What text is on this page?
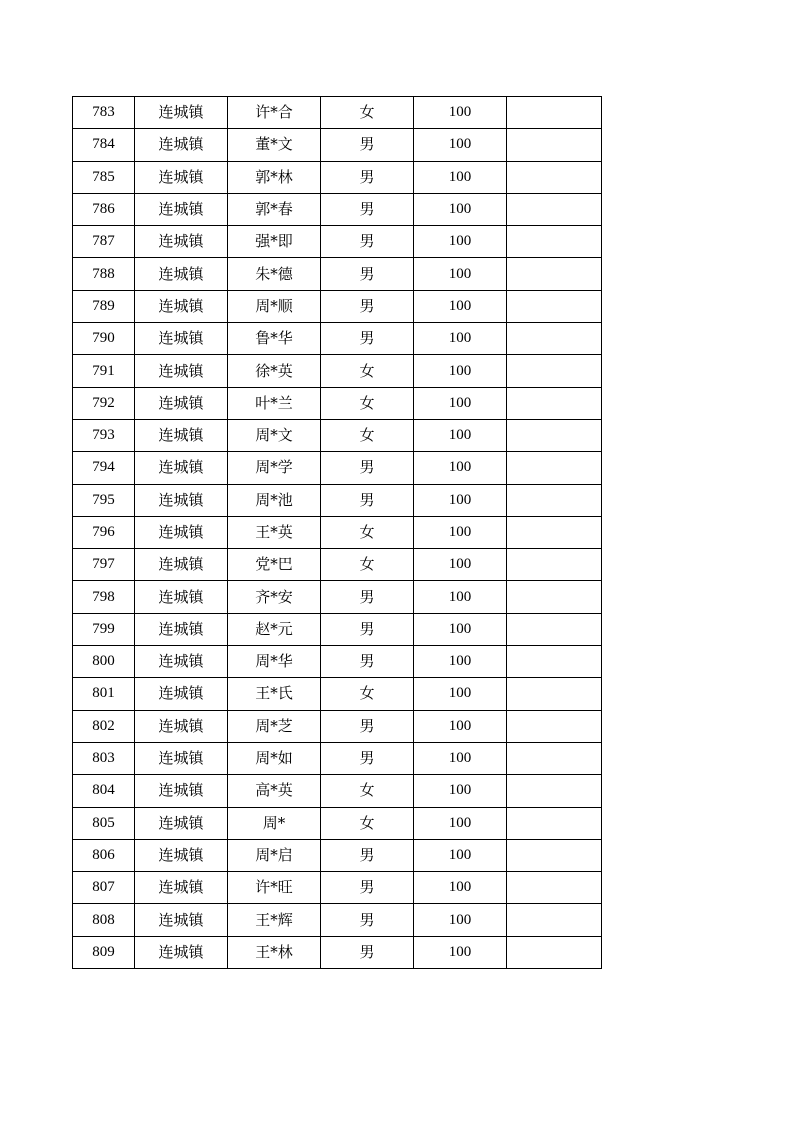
783	连城镇	许*合	女	100	
784	连城镇	董*文	男	100	
785	连城镇	郭*林	男	100	
786	连城镇	郭*春	男	100	
787	连城镇	强*即	男	100	
788	连城镇	朱*德	男	100	
789	连城镇	周*顺	男	100	
790	连城镇	鲁*华	男	100	
791	连城镇	徐*英	女	100	
792	连城镇	叶*兰	女	100	
793	连城镇	周*文	女	100	
794	连城镇	周*学	男	100	
795	连城镇	周*池	男	100	
796	连城镇	王*英	女	100	
797	连城镇	党*巴	女	100	
798	连城镇	齐*安	男	100	
799	连城镇	赵*元	男	100	
800	连城镇	周*华	男	100	
801	连城镇	王*氏	女	100	
802	连城镇	周*芝	男	100	
803	连城镇	周*如	男	100	
804	连城镇	高*英	女	100	
805	连城镇	周*	女	100	
806	连城镇	周*启	男	100	
807	连城镇	许*旺	男	100	
808	连城镇	王*辉	男	100	
809	连城镇	王*林	男	100	
